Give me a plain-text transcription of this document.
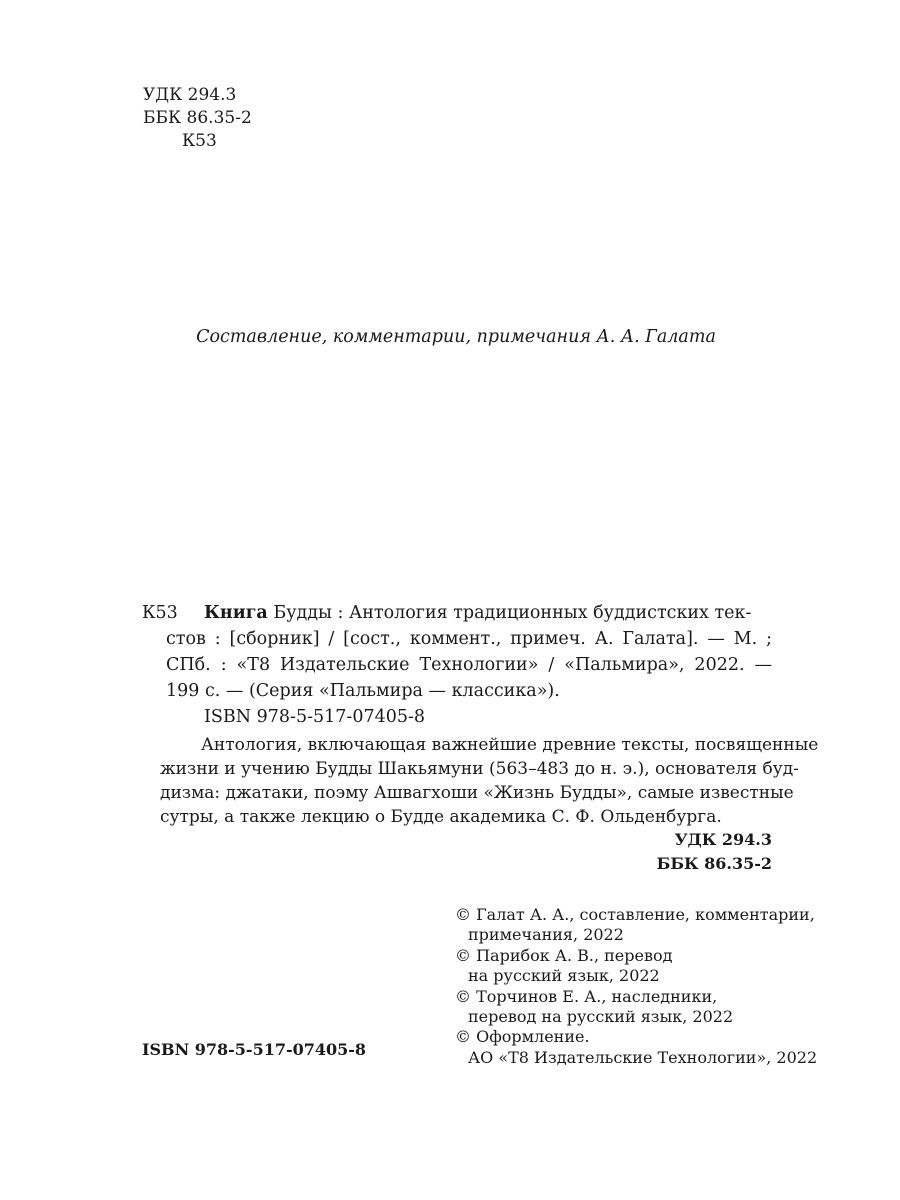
УДК 294.3
ББК 86.35-2
К53
Составление, комментарии, примечания А. А. Галата
К53 Книга Будды : Антология традиционных буддистских тек-
стов : [сборник] / [сост., коммент., примеч. А. Галата]. — М. ;
СПб. : «Т8 Издательские Технологии» / «Пальмира», 2022. —
199 с. — (Серия «Пальмира — классика»).
ISBN 978-5-517-07405-8
Антология, включающая важнейшие древние тексты, посвященные
жизни и учению Будды Шакьямуни (563–483 до н. э.), основателя буд-
дизма: джатаки, поэму Ашвагхоши «Жизнь Будды», самые известные
сутры, а также лекцию о Будде академика С. Ф. Ольденбурга.
УДК 294.3
ББК 86.35-2
© Галат А. А., составление, комментарии,
примечания, 2022
© Парибок А. В., перевод
на русский язык, 2022
© Торчинов Е. А., наследники,
перевод на русский язык, 2022
© Оформление.
АО «Т8 Издательские Технологии», 2022
ISBN 978-5-517-07405-8
